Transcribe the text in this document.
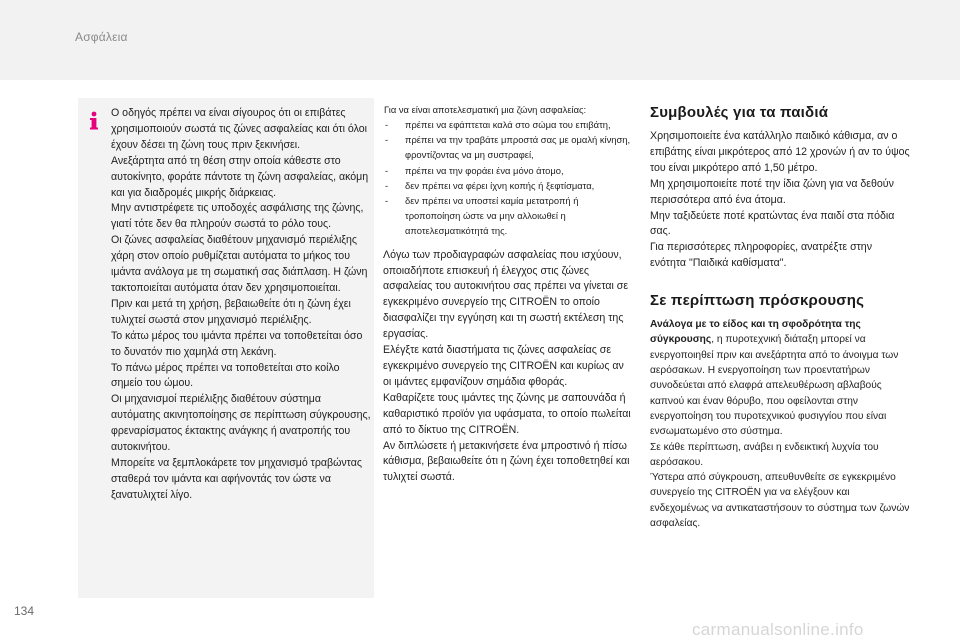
Ασφάλεια

Ο οδηγός πρέπει να είναι σίγουρος ότι οι επιβάτες χρησιμοποιούν σωστά τις ζώνες ασφαλείας και ότι όλοι έχουν δέσει τη ζώνη τους πριν ξεκινήσει.

Ανεξάρτητα από τη θέση στην οποία κάθεστε στο αυτοκίνητο, φοράτε πάντοτε τη ζώνη ασφαλείας, ακόμη και για διαδρομές μικρής διάρκειας.

Μην αντιστρέφετε τις υποδοχές ασφάλισης της ζώνης, γιατί τότε δεν θα πληρούν σωστά το ρόλο τους.

Οι ζώνες ασφαλείας διαθέτουν μηχανισμό περιέλιξης χάρη στον οποίο ρυθμίζεται αυτόματα το μήκος του ιμάντα ανάλογα με τη σωματική σας διάπλαση. Η ζώνη τακτοποιείται αυτόματα όταν δεν χρησιμοποιείται.

Πριν και μετά τη χρήση, βεβαιωθείτε ότι η ζώνη έχει τυλιχτεί σωστά στον μηχανισμό περιέλιξης.

Το κάτω μέρος του ιμάντα πρέπει να τοποθετείται όσο το δυνατόν πιο χαμηλά στη λεκάνη.

Το πάνω μέρος πρέπει να τοποθετείται στο κοίλο σημείο του ώμου.

Οι μηχανισμοί περιέλιξης διαθέτουν σύστημα αυτόματης ακινητοποίησης σε περίπτωση σύγκρουσης, φρεναρίσματος έκτακτης ανάγκης ή ανατροπής του αυτοκινήτου.

Μπορείτε να ξεμπλοκάρετε τον μηχανισμό τραβώντας σταθερά τον ιμάντα και αφήνοντάς τον ώστε να ξανατυλιχτεί λίγο.

Για να είναι αποτελεσματική μια ζώνη ασφαλείας:

- πρέπει να εφάπτεται καλά στο σώμα του επιβάτη,
- πρέπει να την τραβάτε μπροστά σας με ομαλή κίνηση, φροντίζοντας να μη συστραφεί,
- πρέπει να την φοράει ένα μόνο άτομο,
- δεν πρέπει να φέρει ίχνη κοπής ή ξεφτίσματα,
- δεν πρέπει να υποστεί καμία μετατροπή ή τροποποίηση ώστε να μην αλλοιωθεί η αποτελεσματικότητά της.

Λόγω των προδιαγραφών ασφαλείας που ισχύουν, οποιαδήποτε επισκευή ή έλεγχος στις ζώνες ασφαλείας του αυτοκινήτου σας πρέπει να γίνεται σε εγκεκριμένο συνεργείο της CITROËN το οποίο διασφαλίζει την εγγύηση και τη σωστή εκτέλεση της εργασίας.

Ελέγξτε κατά διαστήματα τις ζώνες ασφαλείας σε εγκεκριμένο συνεργείο της CITROËN και κυρίως αν οι ιμάντες εμφανίζουν σημάδια φθοράς.

Καθαρίζετε τους ιμάντες της ζώνης με σαπουνάδα ή καθαριστικό προϊόν για υφάσματα, το οποίο πωλείται από το δίκτυο της CITROËN.

Αν διπλώσετε ή μετακινήσετε ένα μπροστινό ή πίσω κάθισμα, βεβαιωθείτε ότι η ζώνη έχει τοποθετηθεί και τυλιχτεί σωστά.

Συμβουλές για τα παιδιά

Χρησιμοποιείτε ένα κατάλληλο παιδικό κάθισμα, αν ο επιβάτης είναι μικρότερος από 12 χρονών ή αν το ύψος του είναι μικρότερο από 1,50 μέτρο.

Μη χρησιμοποιείτε ποτέ την ίδια ζώνη για να δεθούν περισσότερα από ένα άτομα.

Μην ταξιδεύετε ποτέ κρατώντας ένα παιδί στα πόδια σας.

Για περισσότερες πληροφορίες, ανατρέξτε στην ενότητα "Παιδικά καθίσματα".

Σε περίπτωση πρόσκρουσης

Ανάλογα με το είδος και τη σφοδρότητα της σύγκρουσης, η πυροτεχνική διάταξη μπορεί να ενεργοποιηθεί πριν και ανεξάρτητα από το άνοιγμα των αερόσακων. Η ενεργοποίηση των προεντατήρων συνοδεύεται από ελαφρά απελευθέρωση αβλαβούς καπνού και έναν θόρυβο, που οφείλονται στην ενεργοποίηση του πυροτεχνικού φυσιγγίου που είναι ενσωματωμένο στο σύστημα.

Σε κάθε περίπτωση, ανάβει η ενδεικτική λυχνία του αερόσακου.

Ύστερα από σύγκρουση, απευθυνθείτε σε εγκεκριμένο συνεργείο της CITROËN για να ελέγξουν και ενδεχομένως να αντικαταστήσουν το σύστημα των ζωνών ασφαλείας.

134
carmanualsonline.info
